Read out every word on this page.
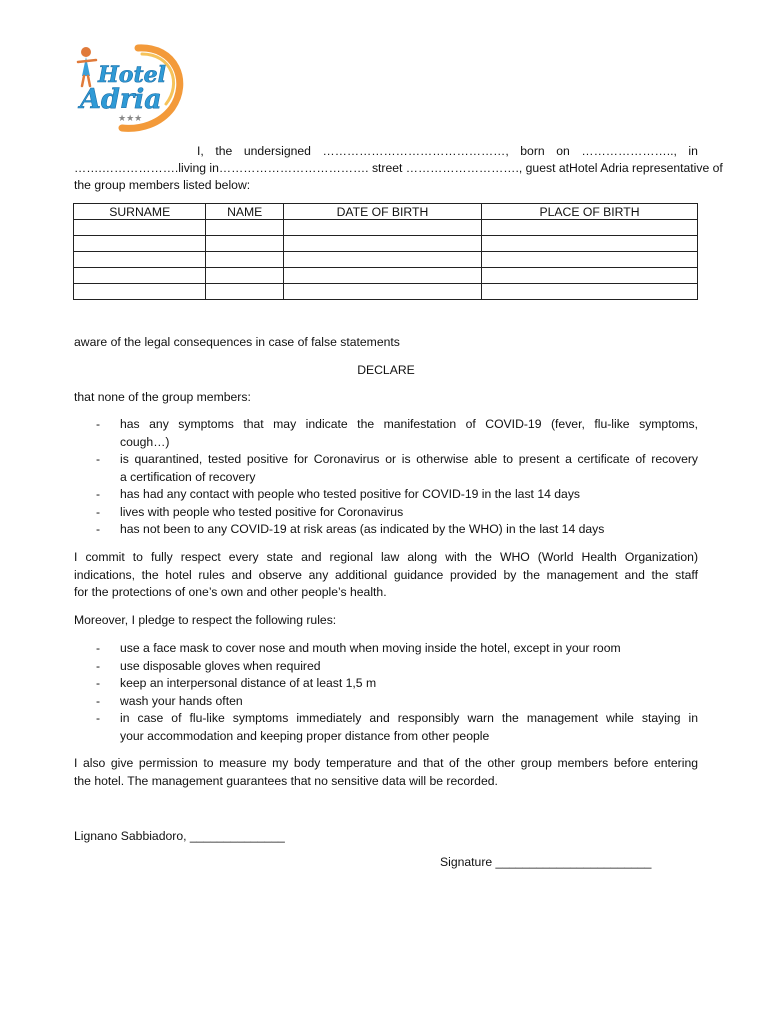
Hotel
Adria
★★★
I, the undersigned ………………………………………, born on ………………….., in
…….……………….living in ………………………………. street ………………………., guest at Hotel Adria representative of
the group members listed below:
SURNAME	NAME	DATE OF BIRTH	PLACE OF BIRTH

aware of the legal consequences in case of false statements
DECLARE
that none of the group members:
- has any symptoms that may indicate the manifestation of COVID-19 (fever, flu-like symptoms,
cough…)
- is quarantined, tested positive for Coronavirus or is otherwise able to present a certificate of recovery
a certification of recovery
- has had any contact with people who tested positive for COVID-19 in the last 14 days
- lives with people who tested positive for Coronavirus
- has not been to any COVID-19 at risk areas (as indicated by the WHO) in the last 14 days
I commit to fully respect every state and regional law along with the WHO (World Health Organization)
indications, the hotel rules and observe any additional guidance provided by the management and the staff
for the protections of one’s own and other people’s health.
Moreover, I pledge to respect the following rules:
- use a face mask to cover nose and mouth when moving inside the hotel, except in your room
- use disposable gloves when required
- keep an interpersonal distance of at least 1,5 m
- wash your hands often
- in case of flu-like symptoms immediately and responsibly warn the management while staying in
your accommodation and keeping proper distance from other people
I also give permission to measure my body temperature and that of the other group members before entering
the hotel. The management guarantees that no sensitive data will be recorded.
Lignano Sabbiadoro, ______________
Signature _______________________
